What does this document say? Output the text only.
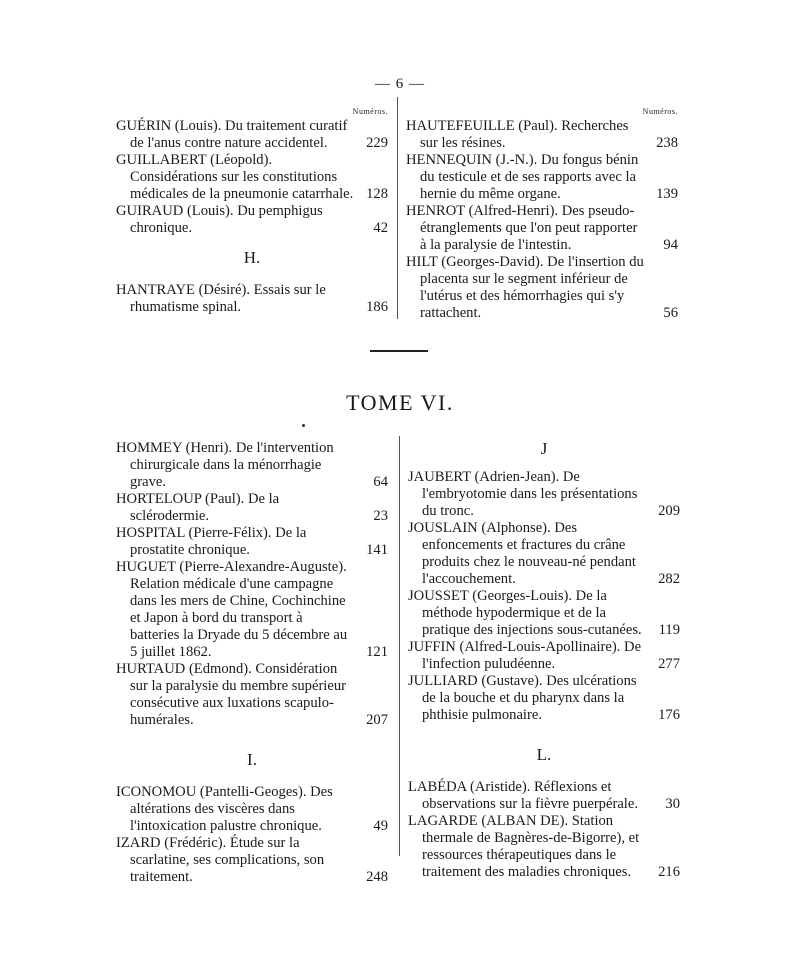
— 6 —
Numéros.
GUÉRIN (Louis). Du traitement curatif de l'anus contre nature accidentel.	229
GUILLABERT (Léopold). Considérations sur les constitutions médicales de la pneumonie catarrhale. 128
GUIRAUD (Louis). Du pemphigus chronique.	42
H.
HANTRAYE (Désiré). Essais sur le rhumatisme spinal.	186
Numéros.
HAUTEFEUILLE (Paul). Recherches sur les résines.	238
HENNEQUIN (J.-N.). Du fongus bénin du testicule et de ses rapports avec la hernie du même organe.	139
HENROT (Alfred-Henri). Des pseudo-étranglements que l'on peut rapporter à la paralysie de l'intestin.	94
HILT (Georges-David). De l'insertion du placenta sur le segment inférieur de l'utérus et des hémorrhagies qui s'y rattachent.	56
TOME VI.
HOMMEY (Henri). De l'intervention chirurgicale dans la ménorrhagie grave.	64
HORTELOUP (Paul). De la sclérodermie.	23
HOSPITAL (Pierre-Félix). De la prostatite chronique.	141
HUGUET (Pierre-Alexandre-Auguste). Relation médicale d'une campagne dans les mers de Chine, Cochinchine et Japon à bord du transport à batteries la Dryade du 5 décembre au 5 juillet 1862.	121
HURTAUD (Edmond). Considération sur la paralysie du membre supérieur consécutive aux luxations scapulo-humérales.	207
I.
ICONOMOU (Pantelli-Geoges). Des altérations des viscères dans l'intoxication palustre chronique.	49
IZARD (Frédéric). Étude sur la scarlatine, ses complications, son traitement.	248
J
JAUBERT (Adrien-Jean). De l'embryotomie dans les présentations du tronc.	209
JOUSLAIN (Alphonse). Des enfoncements et fractures du crâne produits chez le nouveau-né pendant l'accouchement.	282
JOUSSET (Georges-Louis). De la méthode hypodermique et de la pratique des injections sous-cutanées. 119
JUFFIN (Alfred-Louis-Apollinaire). De l'infection puludéenne.	277
JULLIARD (Gustave). Des ulcérations de la bouche et du pharynx dans la phthisie pulmonaire.	176
L.
LABÉDA (Aristide). Réflexions et observations sur la fièvre puerpérale. 30
LAGARDE (ALBAN DE). Station thermale de Bagnères-de-Bigorre), et ressources thérapeutiques dans le traitement des maladies chroniques. 216
